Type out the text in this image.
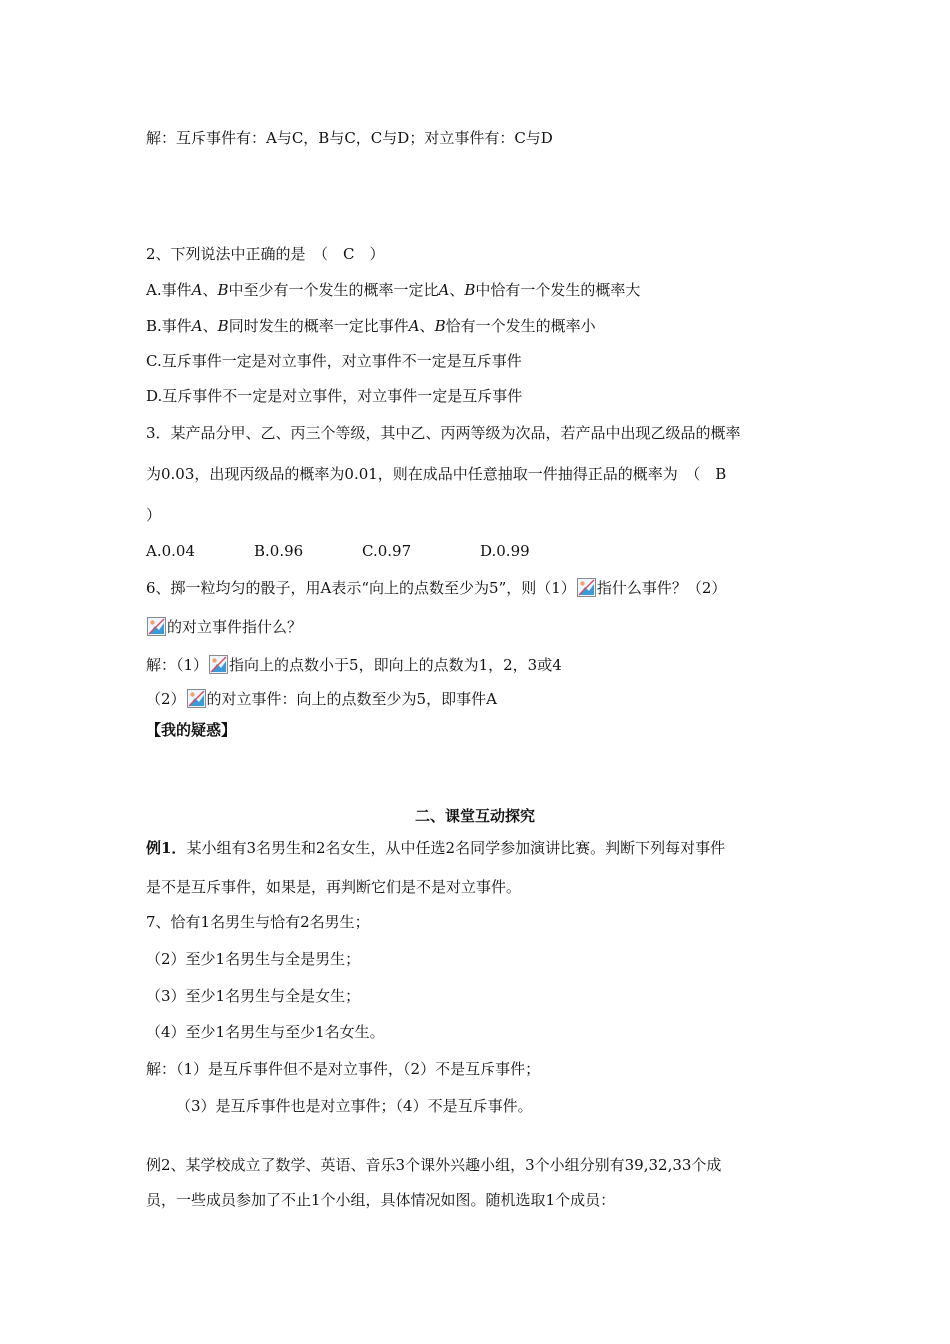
解：互斥事件有：A与C，B与C，C与D；对立事件有：C与D
2、下列说法中正确的是　（　C　）
A.事件A、B中至少有一个发生的概率一定比A、B中恰有一个发生的概率大
B.事件A、B同时发生的概率一定比事件A、B恰有一个发生的概率小
C.互斥事件一定是对立事件，对立事件不一定是互斥事件
D.互斥事件不一定是对立事件，对立事件一定是互斥事件
3．某产品分甲、乙、丙三个等级，其中乙、丙两等级为次品，若产品中出现乙级品的概率
为0.03，出现丙级品的概率为0.01，则在成品中任意抽取一件抽得正品的概率为　（　B
）
A.0.04	B.0.96	C.0.97	D.0.99
6、掷一粒均匀的骰子，用A表示“向上的点数至少为5”，则（1） 指什么事件？（2）
的对立事件指什么？
解：（1） 指向上的点数小于5，即向上的点数为1，2，3或4
（2） 的对立事件：向上的点数至少为5，即事件A
【我的疑惑】
二、课堂互动探究
例1．某小组有3名男生和2名女生，从中任选2名同学参加演讲比赛。判断下列每对事件
是不是互斥事件，如果是，再判断它们是不是对立事件。
7、恰有1名男生与恰有2名男生；
（2）至少1名男生与全是男生；
（3）至少1名男生与全是女生；
（4）至少1名男生与至少1名女生。
解：（1）是互斥事件但不是对立事件，（2）不是互斥事件；
（3）是互斥事件也是对立事件；（4）不是互斥事件。
例2、某学校成立了数学、英语、音乐3个课外兴趣小组，3个小组分别有39,32,33个成
员，一些成员参加了不止1个小组，具体情况如图。随机选取1个成员：
